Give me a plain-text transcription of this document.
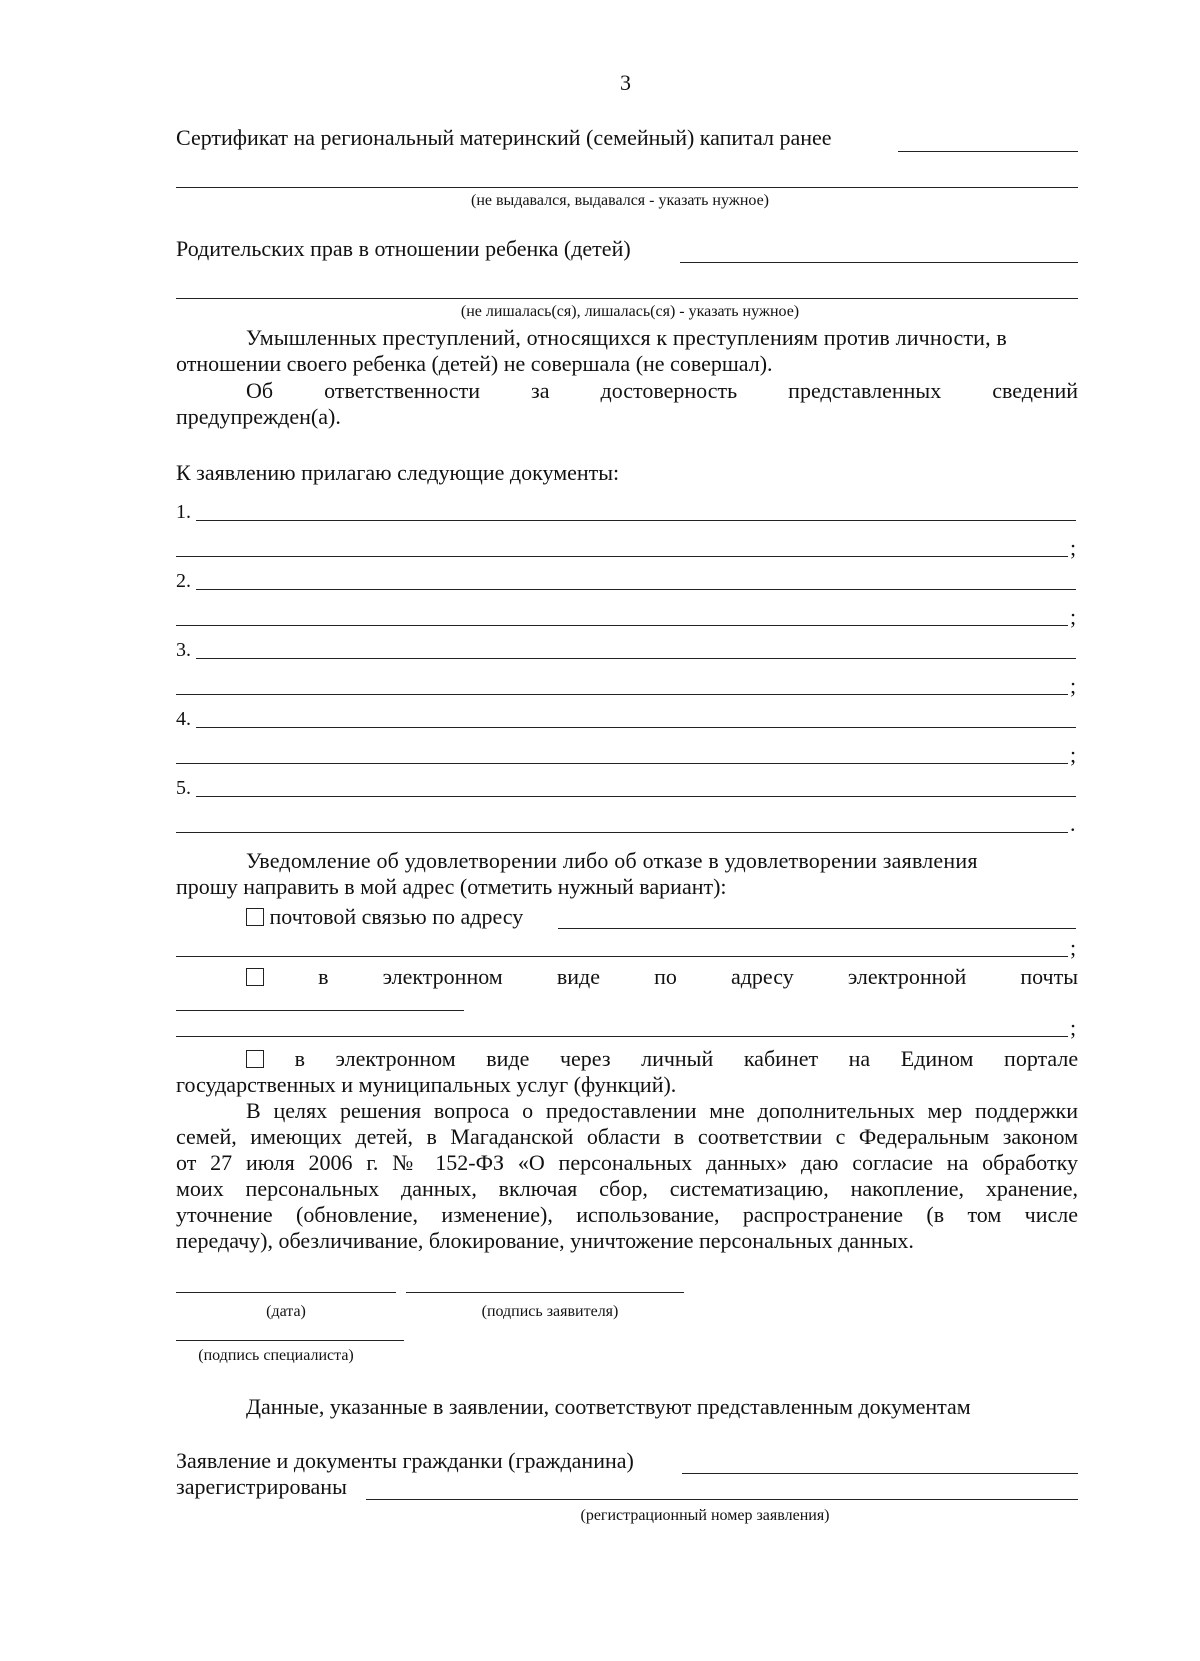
3
Сертификат на региональный материнский (семейный) капитал ранее
(не выдавался, выдавался - указать нужное)
Родительских прав в отношении ребенка (детей)
(не лишалась(ся), лишалась(ся) - указать нужное)
Умышленных преступлений, относящихся к преступлениям против личности, в
отношении своего ребенка (детей) не совершала (не совершал).
Об ответственности за достоверность представленных сведений
предупрежден(а).
К заявлению прилагаю следующие документы:
1.
;
2.
;
3.
;
4.
;
5.
.
Уведомление об удовлетворении либо об отказе в удовлетворении заявления
прошу направить в мой адрес (отметить нужный вариант):
почтовой связью по адресу
;
в электронном виде по адресу электронной почты
;
в электронном виде через личный кабинет на Едином портале
государственных и муниципальных услуг (функций).
В целях решения вопроса о предоставлении мне дополнительных мер поддержки
семей, имеющих детей, в Магаданской области в соответствии с Федеральным законом
от 27 июля 2006 г. № 152-ФЗ «О персональных данных» даю согласие на обработку
моих персональных данных, включая сбор, систематизацию, накопление, хранение,
уточнение (обновление, изменение), использование, распространение (в том числе
передачу), обезличивание, блокирование, уничтожение персональных данных.
(дата)	(подпись заявителя)
(подпись специалиста)
Данные, указанные в заявлении, соответствуют представленным документам
Заявление и документы гражданки (гражданина)
зарегистрированы
(регистрационный номер заявления)
